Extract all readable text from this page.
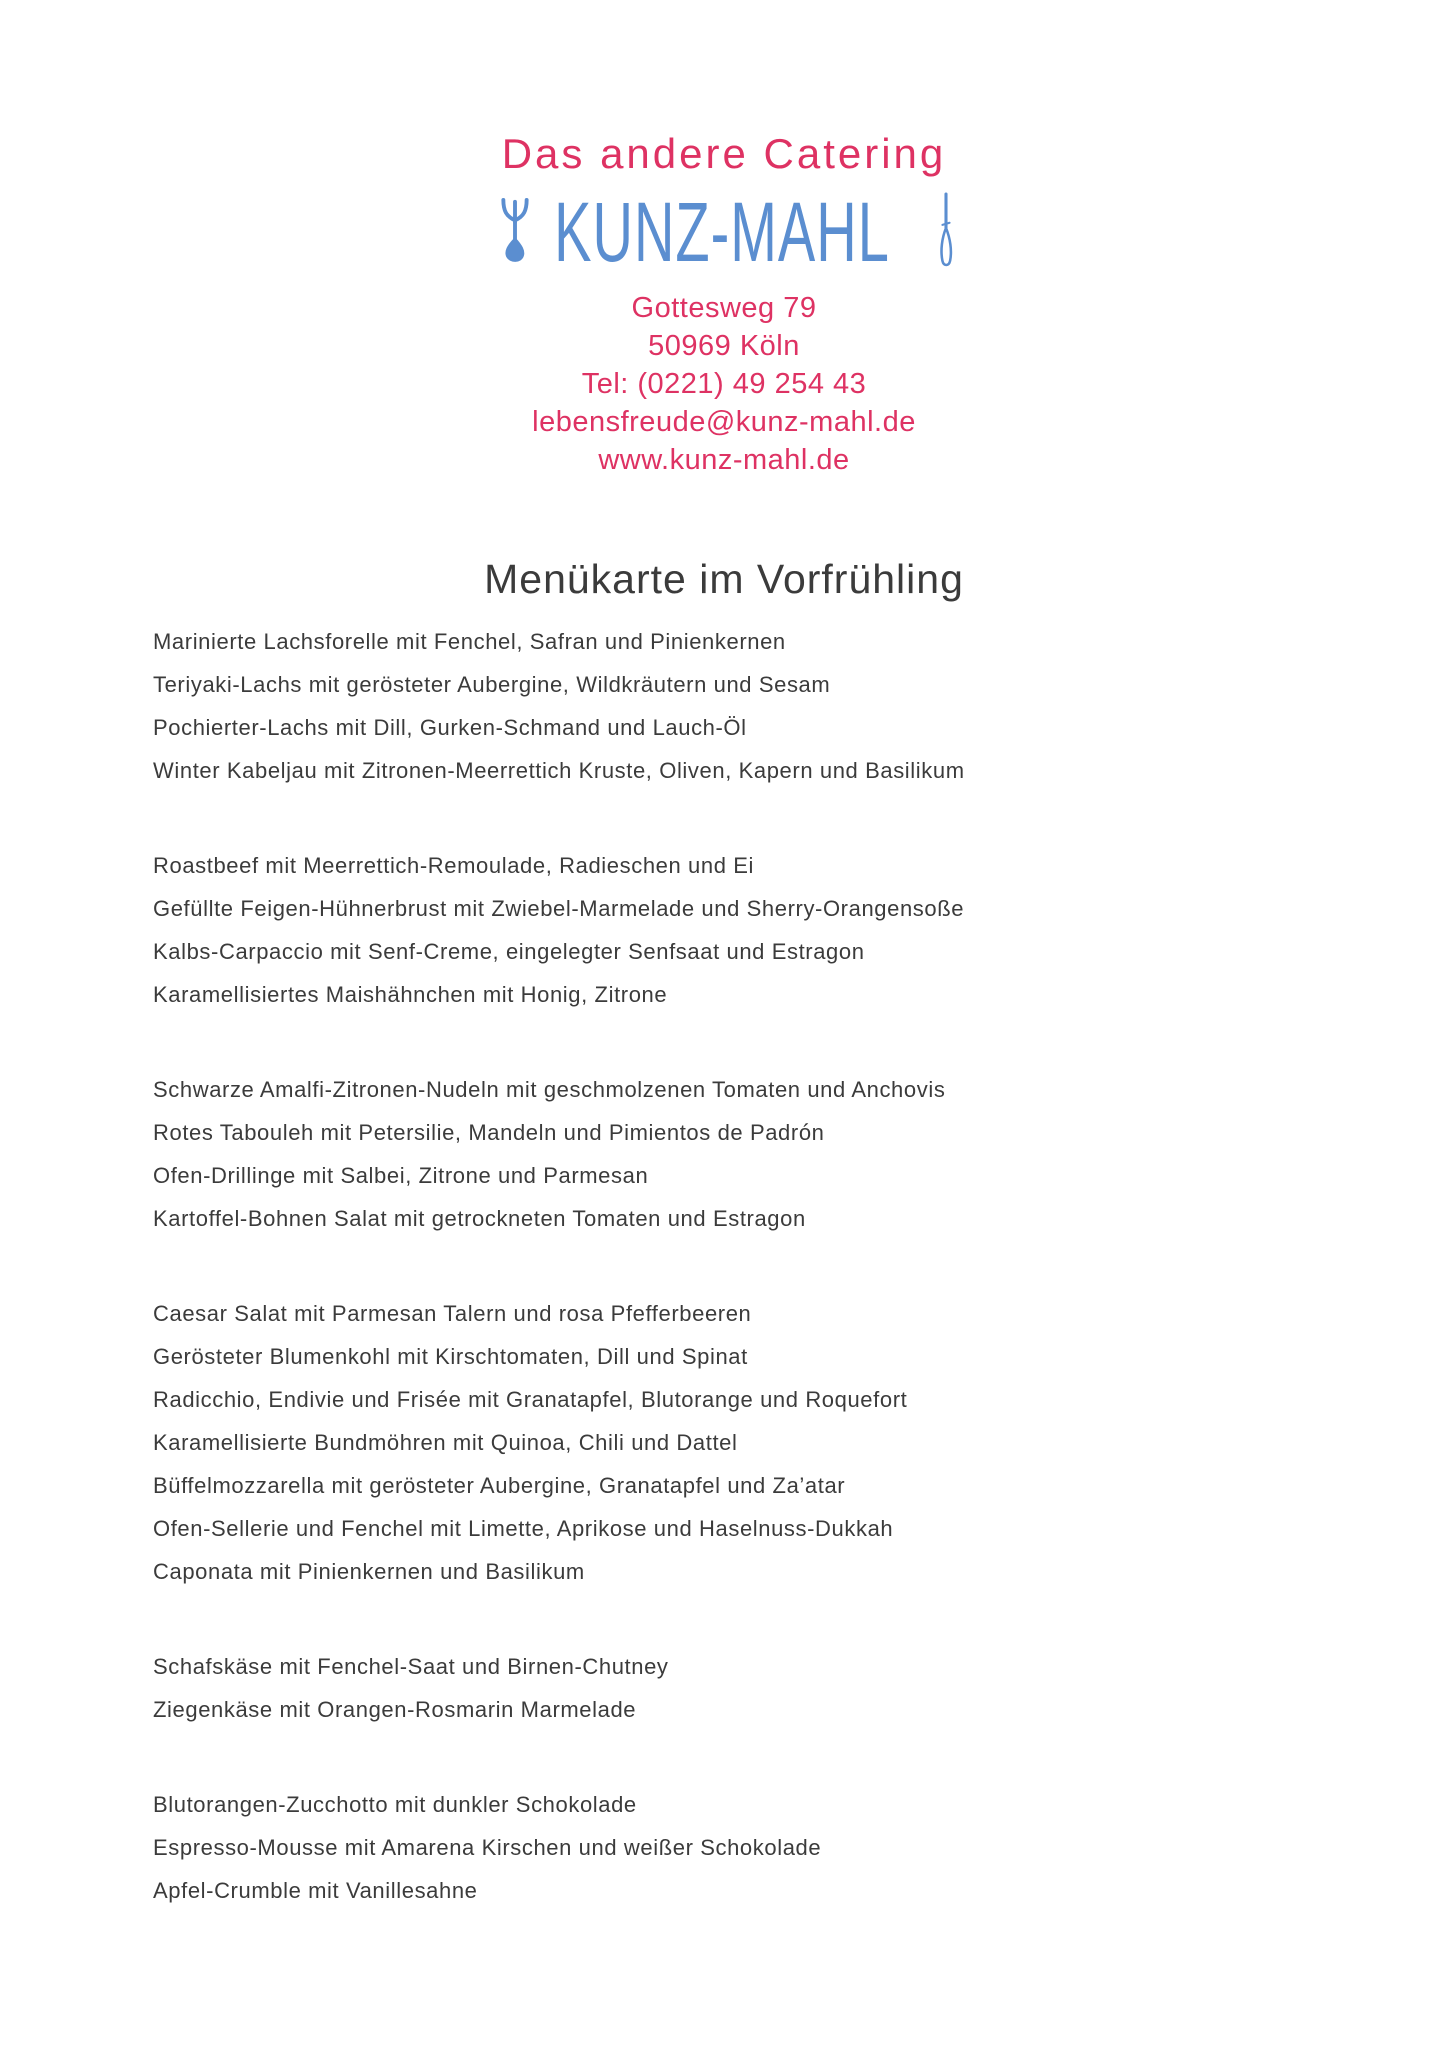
Das andere Catering
KUNZ-MAHL
Gottesweg 79
50969 Köln
Tel: (0221) 49 254 43
lebensfreude@kunz-mahl.de
www.kunz-mahl.de
Menükarte im Vorfrühling
Marinierte Lachsforelle mit Fenchel, Safran und Pinienkernen
Teriyaki-Lachs mit gerösteter Aubergine, Wildkräutern und Sesam
Pochierter-Lachs mit Dill, Gurken-Schmand und Lauch-Öl
Winter Kabeljau mit Zitronen-Meerrettich Kruste, Oliven, Kapern und Basilikum
Roastbeef mit Meerrettich-Remoulade, Radieschen und Ei
Gefüllte Feigen-Hühnerbrust mit Zwiebel-Marmelade und Sherry-Orangensoße
Kalbs-Carpaccio mit Senf-Creme, eingelegter Senfsaat und Estragon
Karamellisiertes Maishähnchen mit Honig, Zitrone
Schwarze Amalfi-Zitronen-Nudeln mit geschmolzenen Tomaten und Anchovis
Rotes Tabouleh mit Petersilie, Mandeln und Pimientos de Padrón
Ofen-Drillinge mit Salbei, Zitrone und Parmesan
Kartoffel-Bohnen Salat mit getrockneten Tomaten und Estragon
Caesar Salat mit Parmesan Talern und rosa Pfefferbeeren
Gerösteter Blumenkohl mit Kirschtomaten, Dill und Spinat
Radicchio, Endivie und Frisée mit Granatapfel, Blutorange und Roquefort
Karamellisierte Bundmöhren mit Quinoa, Chili und Dattel
Büffelmozzarella mit gerösteter Aubergine, Granatapfel und Za’atar
Ofen-Sellerie und Fenchel mit Limette, Aprikose und Haselnuss-Dukkah
Caponata mit Pinienkernen und Basilikum
Schafskäse mit Fenchel-Saat und Birnen-Chutney
Ziegenkäse mit Orangen-Rosmarin Marmelade
Blutorangen-Zucchotto mit dunkler Schokolade
Espresso-Mousse mit Amarena Kirschen und weißer Schokolade
Apfel-Crumble mit Vanillesahne
